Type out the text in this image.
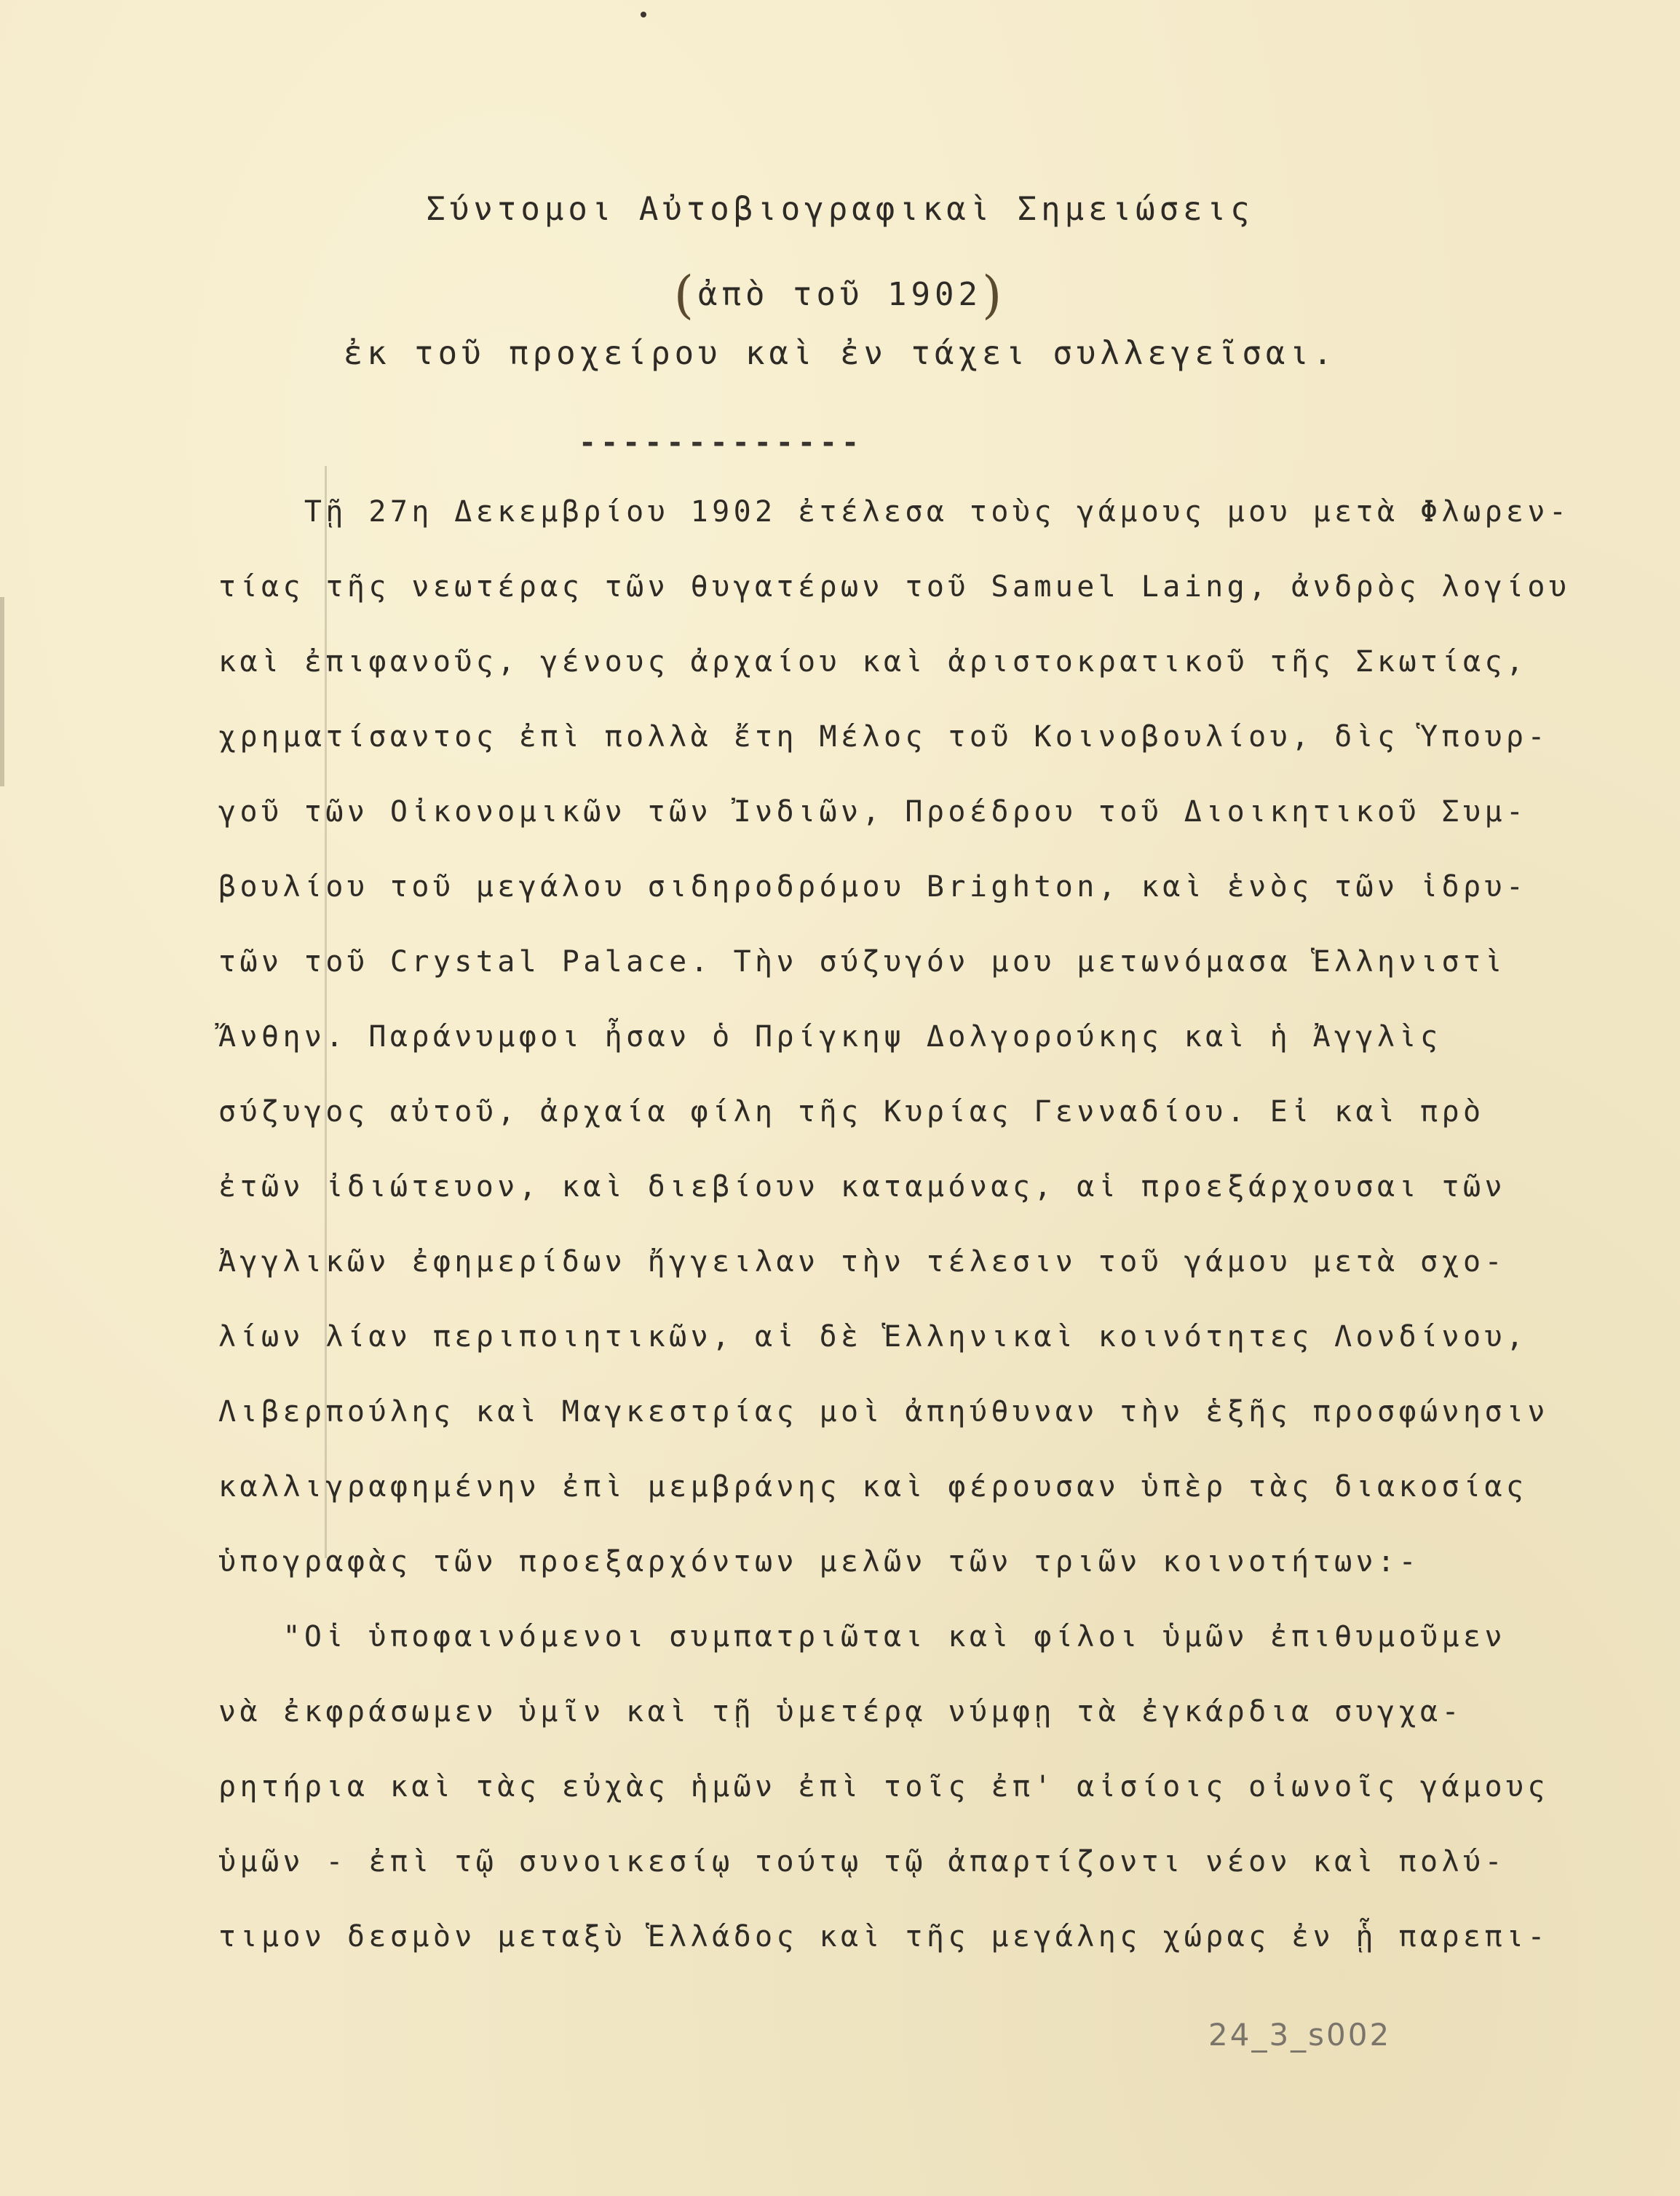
Σύντομοι Αὐτοβιογραφικαὶ Σημειώσεις
(ἀπὸ τοῦ 1902)
ἐκ τοῦ προχείρου καὶ ἐν τάχει συλλεγεῖσαι.
-------------
Τῇ 27η Δεκεμβρίου 1902 ἐτέλεσα τοὺς γάμους μου μετὰ Φλωρεν-
τίας τῆς νεωτέρας τῶν θυγατέρων τοῦ Samuel Laing, ἀνδρὸς λογίου
καὶ ἐπιφανοῦς, γένους ἀρχαίου καὶ ἀριστοκρατικοῦ τῆς Σκωτίας,
χρηματίσαντος ἐπὶ πολλὰ ἔτη Μέλος τοῦ Κοινοβουλίου, δὶς Ὑπουρ-
γοῦ τῶν Οἰκονομικῶν τῶν Ἰνδιῶν, Προέδρου τοῦ Διοικητικοῦ Συμ-
βουλίου τοῦ μεγάλου σιδηροδρόμου Brighton, καὶ ἑνὸς τῶν ἱδρυ-
τῶν τοῦ Crystal Palace. Τὴν σύζυγόν μου μετωνόμασα Ἑλληνιστὶ
Ἄνθην. Παράνυμφοι ἦσαν ὁ Πρίγκηψ Δολγορούκης καὶ ἡ Ἀγγλὶς
σύζυγος αὐτοῦ, ἀρχαία φίλη τῆς Κυρίας Γενναδίου. Εἰ καὶ πρὸ
ἐτῶν ἰδιώτευον, καὶ διεβίουν καταμόνας, αἱ προεξάρχουσαι τῶν
Ἀγγλικῶν ἐφημερίδων ἤγγειλαν τὴν τέλεσιν τοῦ γάμου μετὰ σχο-
λίων λίαν περιποιητικῶν, αἱ δὲ Ἑλληνικαὶ κοινότητες Λονδίνου,
Λιβερπούλης καὶ Μαγκεστρίας μοὶ ἀπηύθυναν τὴν ἑξῆς προσφώνησιν
καλλιγραφημένην ἐπὶ μεμβράνης καὶ φέρουσαν ὑπὲρ τὰς διακοσίας
ὑπογραφὰς τῶν προεξαρχόντων μελῶν τῶν τριῶν κοινοτήτων:-
"Οἱ ὑποφαινόμενοι συμπατριῶται καὶ φίλοι ὑμῶν ἐπιθυμοῦμεν
νὰ ἐκφράσωμεν ὑμῖν καὶ τῇ ὑμετέρᾳ νύμφῃ τὰ ἐγκάρδια συγχα-
ρητήρια καὶ τὰς εὐχὰς ἡμῶν ἐπὶ τοῖς ἐπ' αἰσίοις οἰωνοῖς γάμους
ὑμῶν - ἐπὶ τῷ συνοικεσίῳ τούτῳ τῷ ἀπαρτίζοντι νέον καὶ πολύ-
τιμον δεσμὸν μεταξὺ Ἑλλάδος καὶ τῆς μεγάλης χώρας ἐν ᾗ παρεπι-
24_3_s002
